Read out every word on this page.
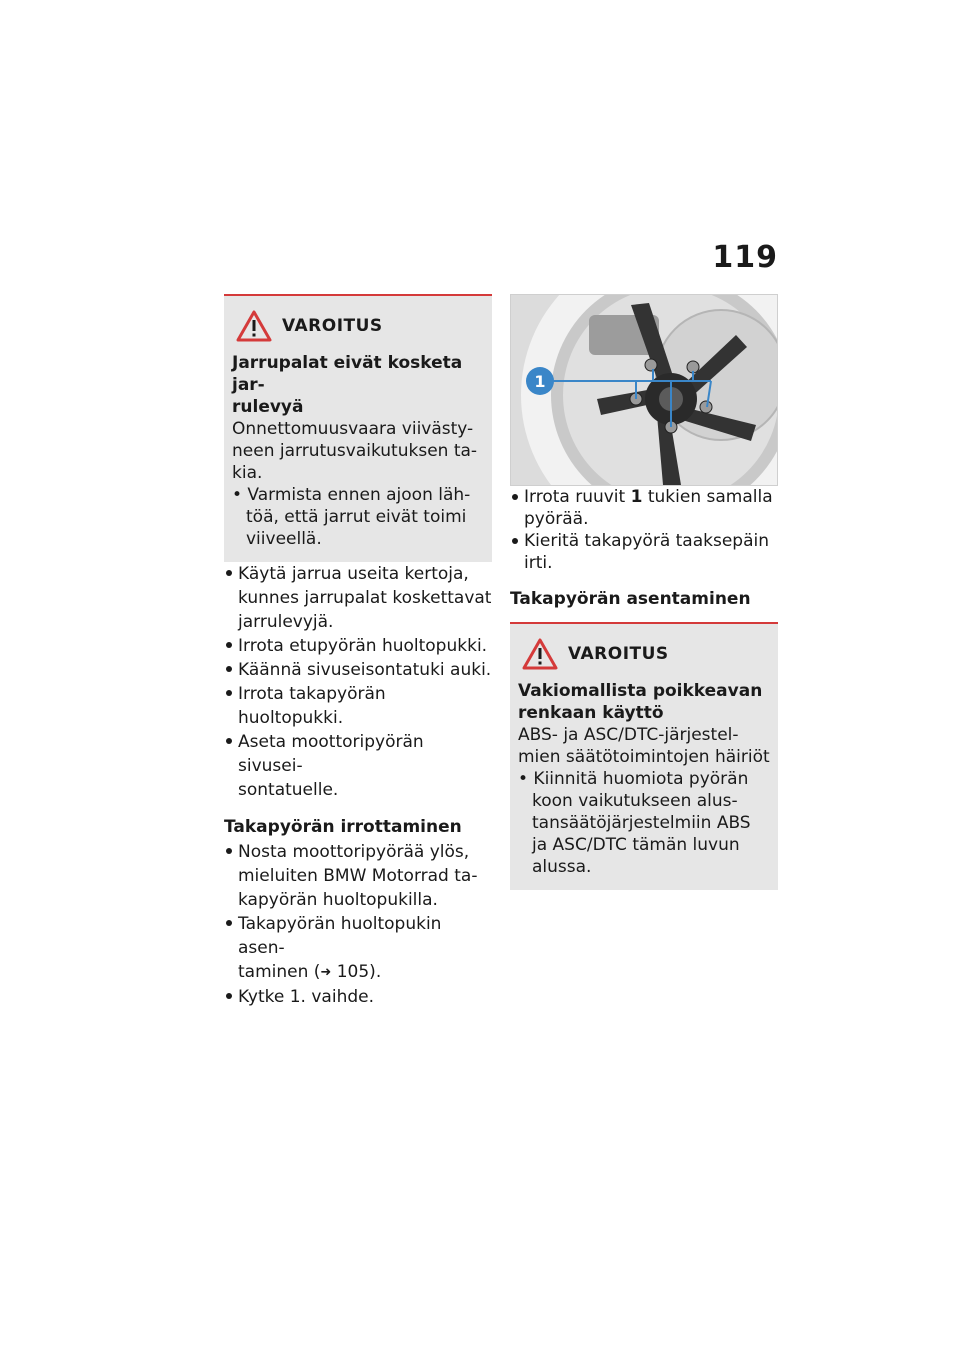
119
VAROITUS

Jarrupalat eivät kosketa jar-

rulevyä

Onnettomuusvaara viivästy-

neen jarrutusvaikutuksen ta-

kia.

• Varmista ennen ajoon läh-

töä, että jarrut eivät toimi

viiveellä.

Käytä jarrua useita kertoja,
kunnes jarrupalat koskettavat
jarrulevyjä.
Irrota etupyörän huoltopukki.
Käännä sivuseisontatuki auki.
Irrota takapyörän huoltopukki.
Aseta moottoripyörän sivusei-
sontatuelle.
Takapyörän irrottaminen
Nosta moottoripyörää ylös,
mieluiten BMW Motorrad ta-
kapyörän huoltopukilla.
Takapyörän huoltopukin asen-
taminen (➜ 105).
Kytke 1. vaihde.
1
Irrota ruuvit 1 tukien samalla
pyörää.
Kieritä takapyörä taaksepäin
irti.
Takapyörän asentaminen
VAROITUS

Vakiomallista poikkeavan

renkaan käyttö

ABS- ja ASC/DTC-järjestel-

mien säätötoimintojen häiriöt

• Kiinnitä huomiota pyörän

koon vaikutukseen alus-

tansäätöjärjestelmiin ABS

ja ASC/DTC tämän luvun

alussa.
